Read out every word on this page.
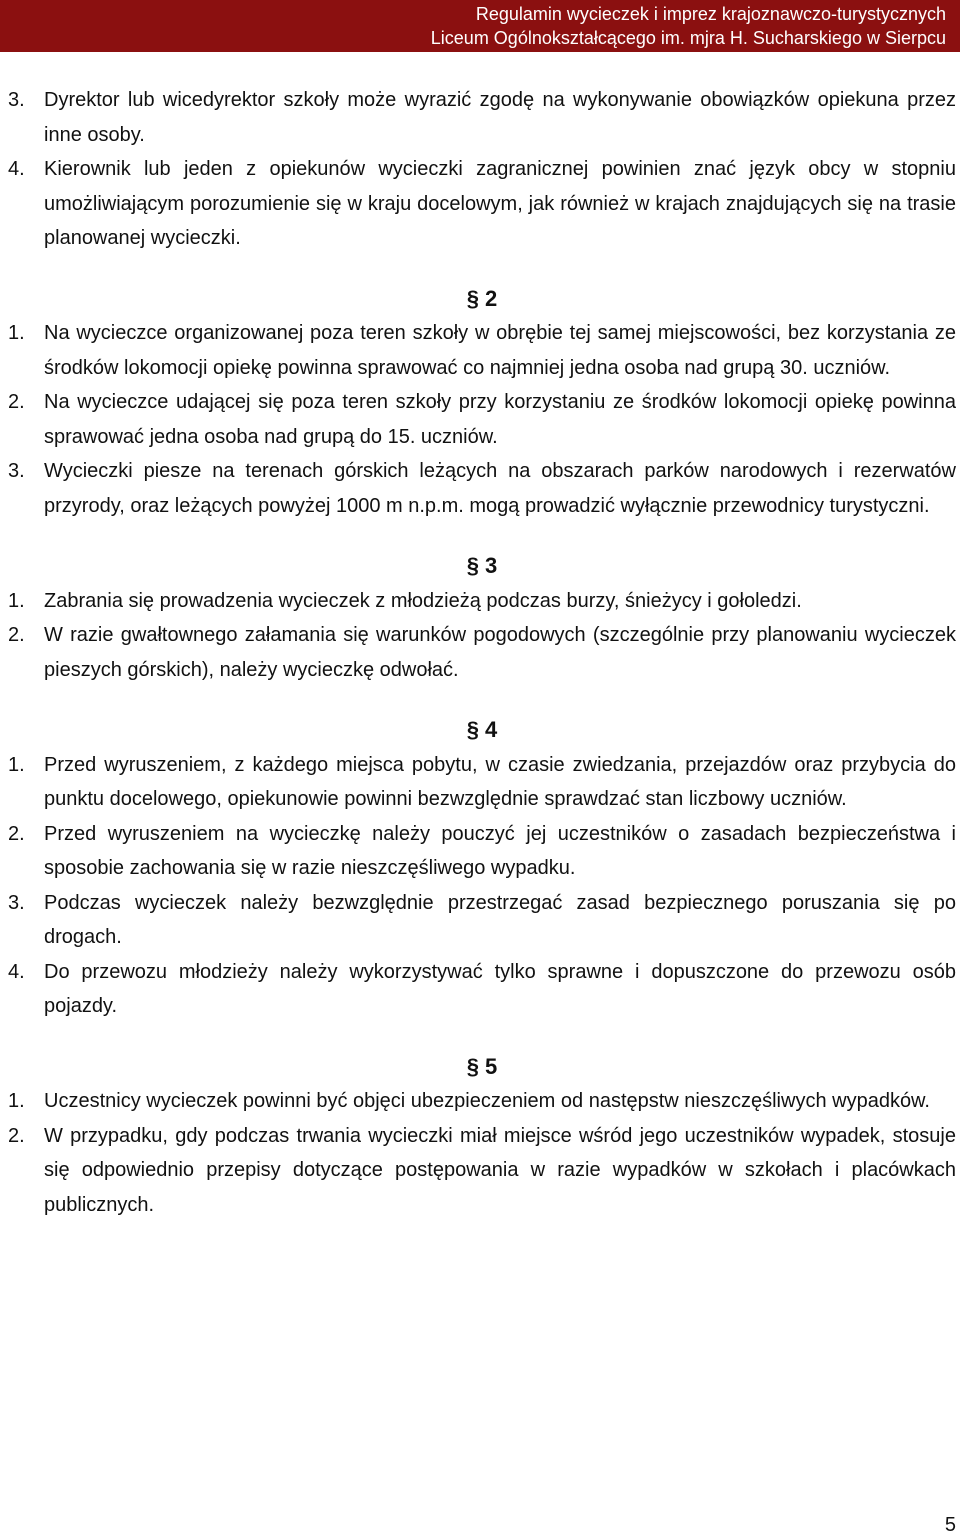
Regulamin wycieczek i imprez krajoznawczo-turystycznych
Liceum Ogólnokształcącego im. mjra H. Sucharskiego w Sierpcu
3. Dyrektor lub wicedyrektor szkoły może wyrazić zgodę na wykonywanie obowiązków opiekuna przez inne osoby.
4. Kierownik lub jeden z opiekunów wycieczki zagranicznej powinien znać język obcy w stopniu umożliwiającym porozumienie się w kraju docelowym, jak również w krajach znajdujących się na trasie planowanej wycieczki.
§ 2
1. Na wycieczce organizowanej poza teren szkoły w obrębie tej samej miejscowości, bez korzystania ze środków lokomocji opiekę powinna sprawować co najmniej jedna osoba nad grupą 30. uczniów.
2. Na wycieczce udającej się poza teren szkoły przy korzystaniu ze środków lokomocji opiekę powinna sprawować jedna osoba nad grupą do 15. uczniów.
3. Wycieczki piesze na terenach górskich leżących na obszarach parków narodowych i rezerwatów przyrody, oraz leżących powyżej 1000 m n.p.m. mogą prowadzić wyłącznie przewodnicy turystyczni.
§ 3
1. Zabrania się prowadzenia wycieczek z młodzieżą podczas burzy, śnieżycy i gołoledzi.
2. W razie gwałtownego załamania się warunków pogodowych (szczególnie przy planowaniu wycieczek pieszych górskich), należy wycieczkę odwołać.
§ 4
1. Przed wyruszeniem, z każdego miejsca pobytu, w czasie zwiedzania, przejazdów oraz przybycia do punktu docelowego, opiekunowie powinni bezwzględnie sprawdzać stan liczbowy uczniów.
2. Przed wyruszeniem na wycieczkę należy pouczyć jej uczestników o zasadach bezpieczeństwa i sposobie zachowania się w razie nieszczęśliwego wypadku.
3. Podczas wycieczek należy bezwzględnie przestrzegać zasad bezpiecznego poruszania się po drogach.
4. Do przewozu młodzieży należy wykorzystywać tylko sprawne i dopuszczone do przewozu osób pojazdy.
§ 5
1. Uczestnicy wycieczek powinni być objęci ubezpieczeniem od następstw nieszczęśliwych wypadków.
2. W przypadku, gdy podczas trwania wycieczki miał miejsce wśród jego uczestników wypadek, stosuje się odpowiednio przepisy dotyczące postępowania w razie wypadków w szkołach i placówkach publicznych.
5
